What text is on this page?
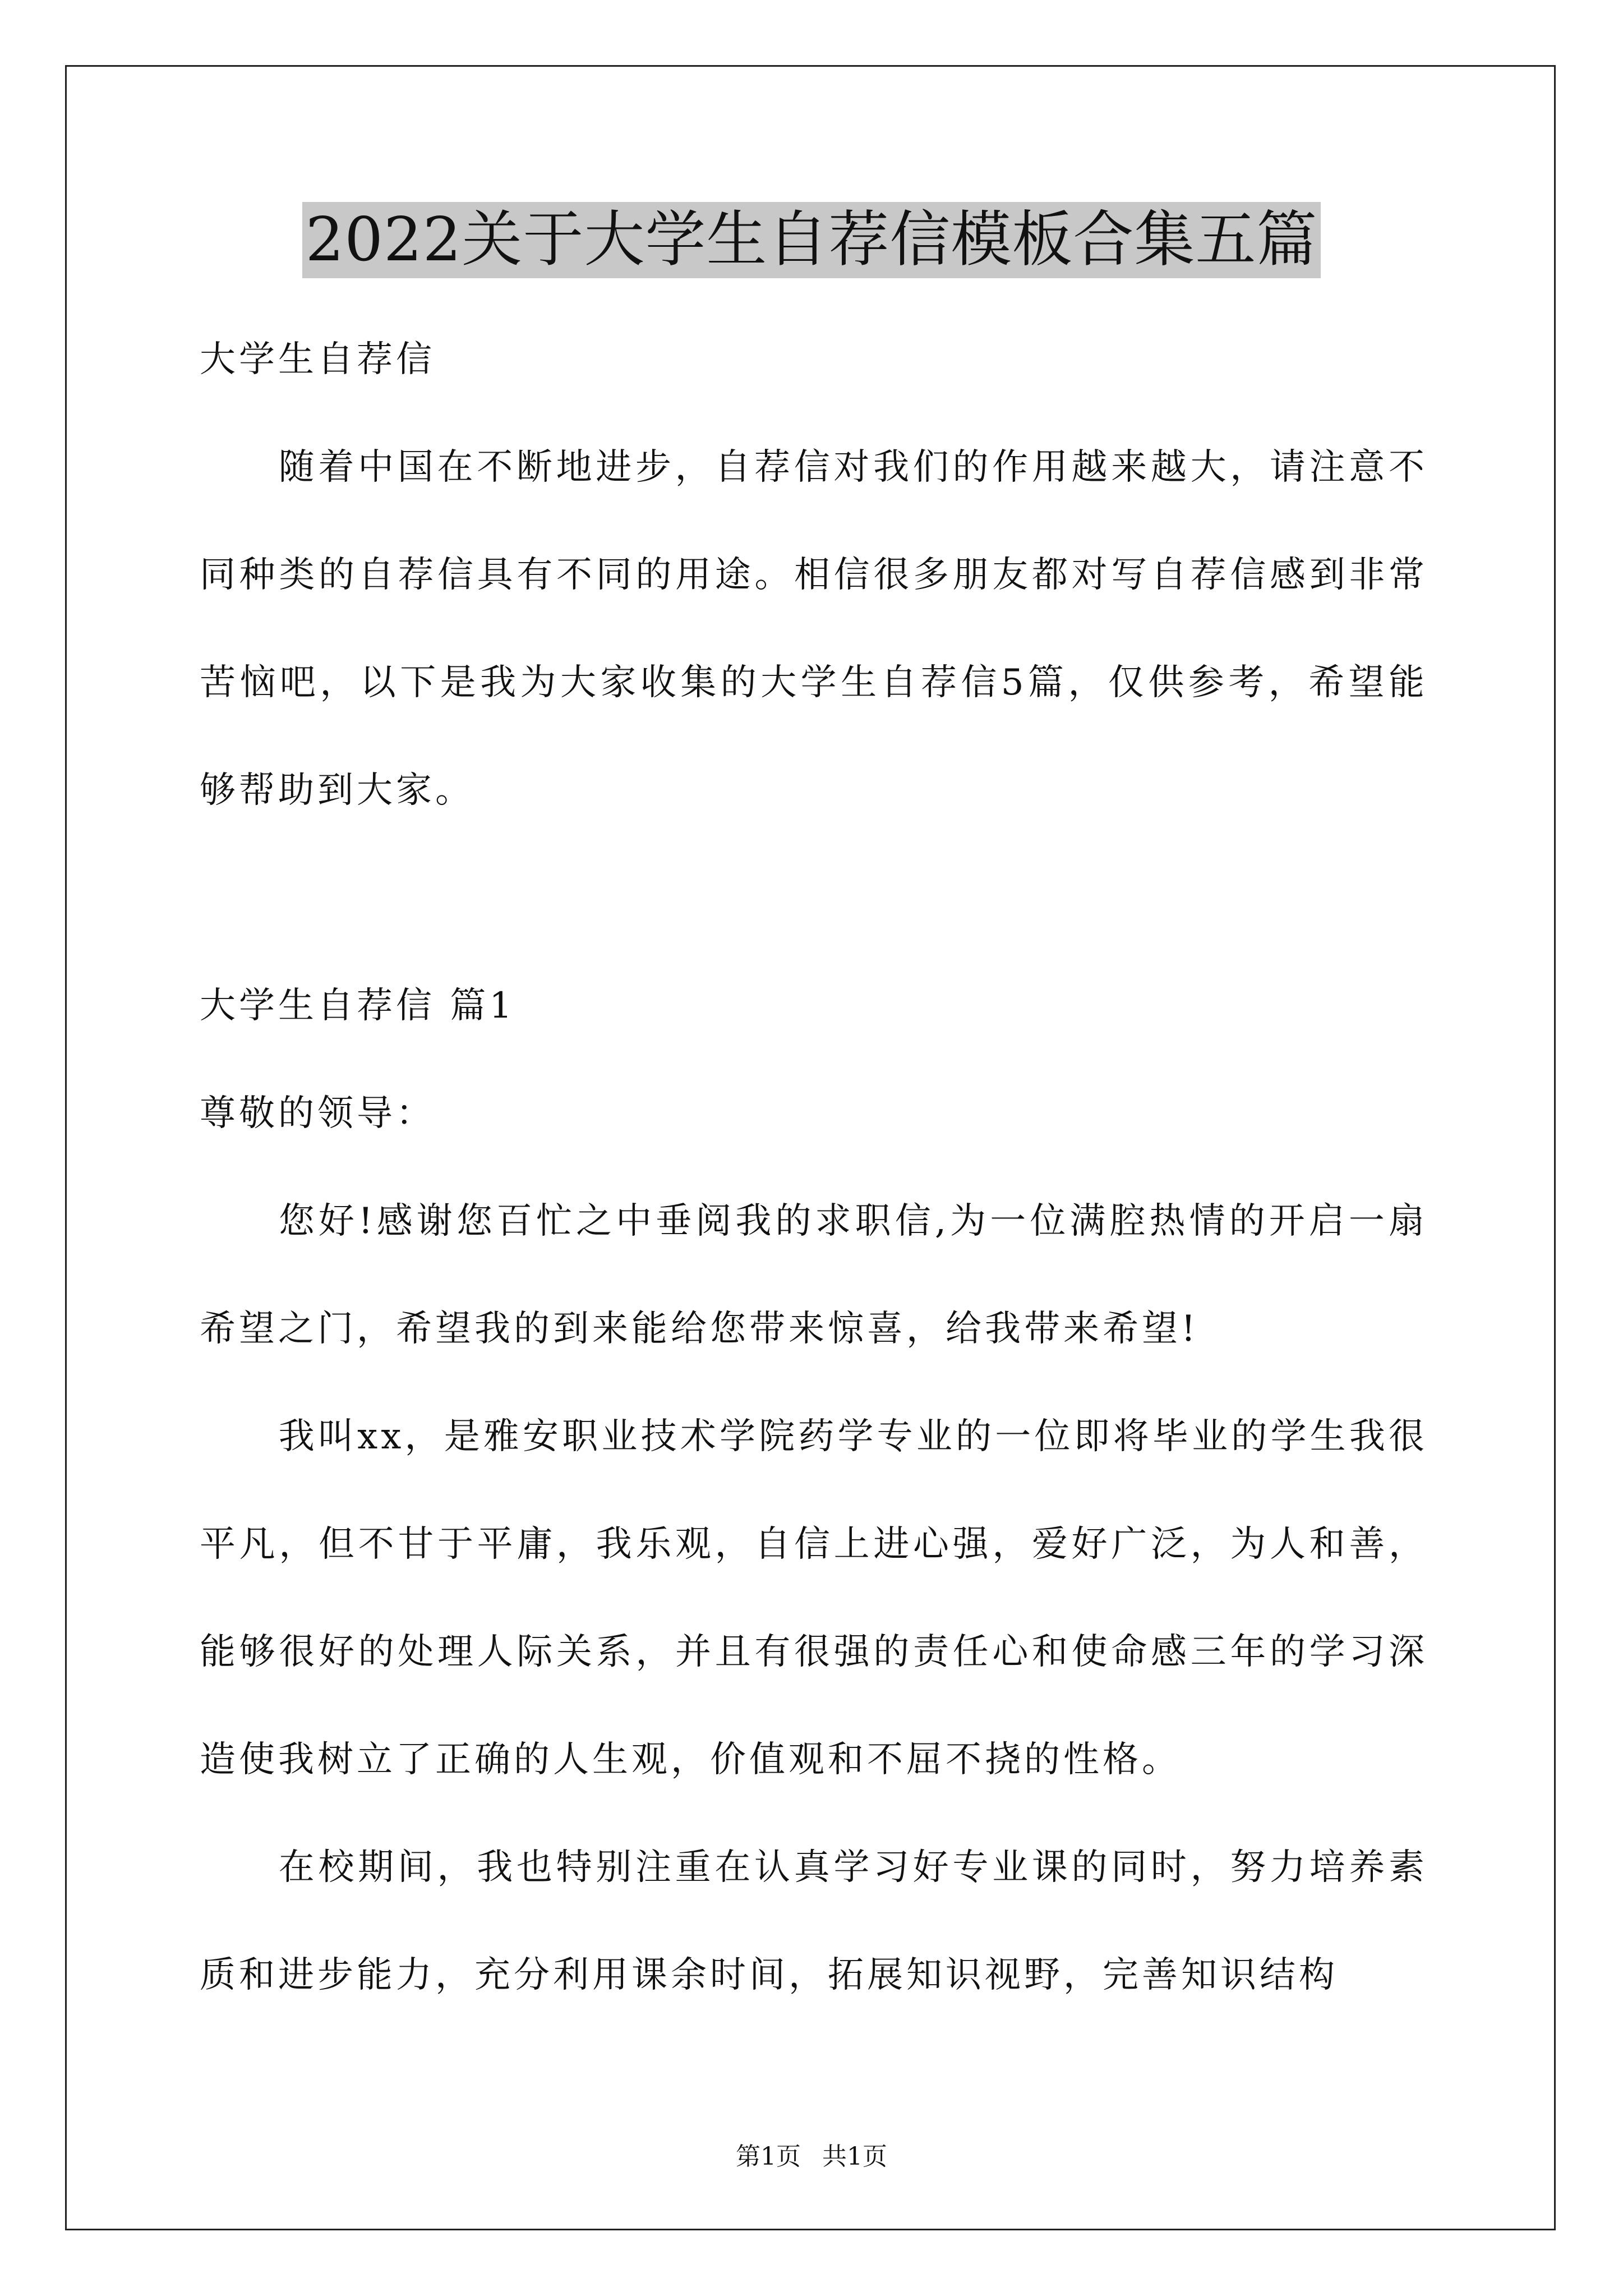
2022关于大学生自荐信模板合集五篇
大学生自荐信

随着中国在不断地进步，自荐信对我们的作用越来越大，请注意不同种类的自荐信具有不同的用途。相信很多朋友都对写自荐信感到非常苦恼吧，以下是我为大家收集的大学生自荐信5篇，仅供参考，希望能够帮助到大家。

大学生自荐信 篇1
尊敬的领导：

您好!感谢您百忙之中垂阅我的求职信,为一位满腔热情的开启一扇希望之门，希望我的到来能给您带来惊喜，给我带来希望!

我叫xx，是雅安职业技术学院药学专业的一位即将毕业的学生我很平凡，但不甘于平庸，我乐观，自信上进心强，爱好广泛，为人和善，能够很好的处理人际关系，并且有很强的责任心和使命感三年的学习深造使我树立了正确的人生观，价值观和不屈不挠的性格。

在校期间，我也特别注重在认真学习好专业课的同时，努力培养素质和进步能力，充分利用课余时间，拓展知识视野，完善知识结构

第1页 共1页
